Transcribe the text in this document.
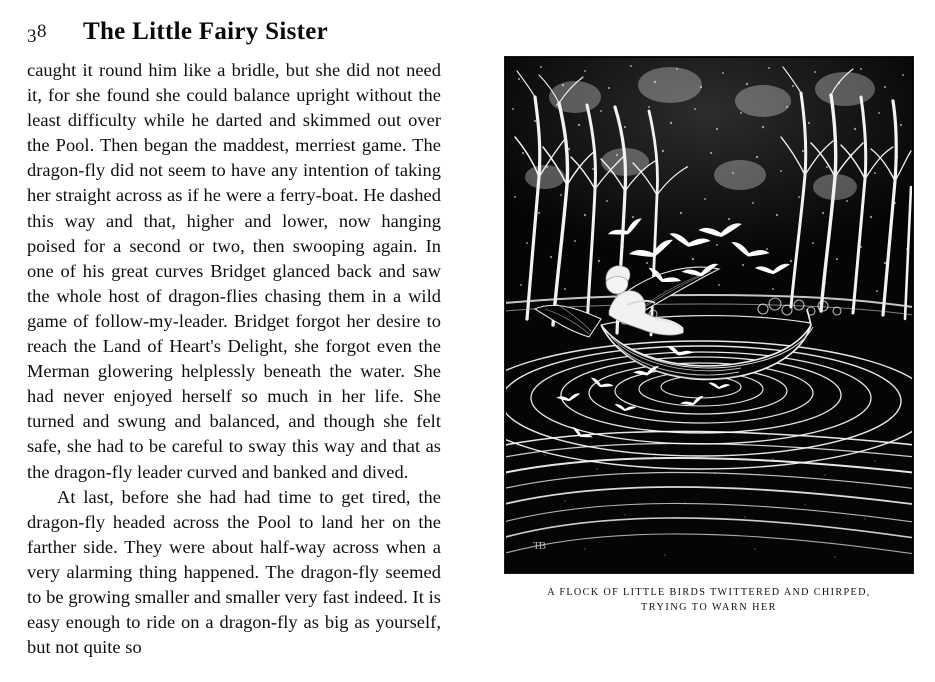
38 The Little Fairy Sister

caught it round him like a bridle, but she did not need it, for she found she could balance upright without the least difficulty while he darted and skimmed out over the Pool. Then began the maddest, merriest game. The dragon-fly did not seem to have any intention of taking her straight across as if he were a ferry-boat. He dashed this way and that, higher and lower, now hanging poised for a second or two, then swooping again. In one of his great curves Bridget glanced back and saw the whole host of dragon-flies chasing them in a wild game of follow-my-leader. Bridget forgot her desire to reach the Land of Heart's Delight, she forgot even the Merman glowering helplessly beneath the water. She had never enjoyed herself so much in her life. She turned and swung and balanced, and though she felt safe, she had to be careful to sway this way and that as the dragon-fly leader curved and banked and dived.

At last, before she had had time to get tired, the dragon-fly headed across the Pool to land her on the farther side. They were about half-way across when a very alarming thing happened. The dragon-fly seemed to be growing smaller and smaller very fast indeed. It is easy enough to ride on a dragon-fly as big as yourself, but not quite so

TB
A FLOCK OF LITTLE BIRDS TWITTERED AND CHIRPED,
TRYING TO WARN HER
